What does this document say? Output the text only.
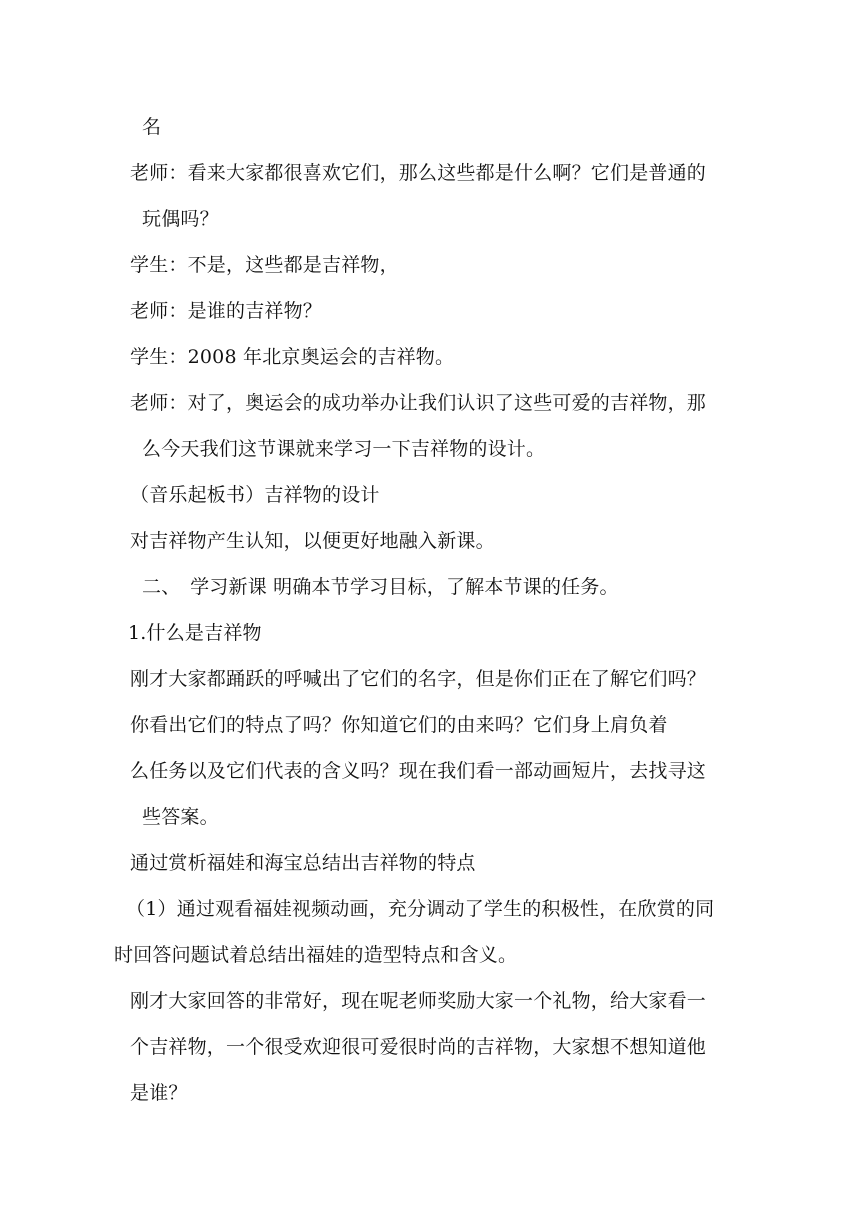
名
老师：看来大家都很喜欢它们，那么这些都是什么啊？它们是普通的
玩偶吗？
学生：不是，这些都是吉祥物，
老师：是谁的吉祥物？
学生：2008 年北京奥运会的吉祥物。
老师：对了，奥运会的成功举办让我们认识了这些可爱的吉祥物，那
么今天我们这节课就来学习一下吉祥物的设计。
（音乐起板书）吉祥物的设计
对吉祥物产生认知，以便更好地融入新课。
二、　学习新课 明确本节学习目标，了解本节课的任务。
1.什么是吉祥物
刚才大家都踊跃的呼喊出了它们的名字，但是你们正在了解它们吗？
你看出它们的特点了吗？你知道它们的由来吗？它们身上肩负着
么任务以及它们代表的含义吗？现在我们看一部动画短片，去找寻这
些答案。
通过赏析福娃和海宝总结出吉祥物的特点
（1）通过观看福娃视频动画，充分调动了学生的积极性，在欣赏的同
时回答问题试着总结出福娃的造型特点和含义。
刚才大家回答的非常好，现在呢老师奖励大家一个礼物，给大家看一
个吉祥物，一个很受欢迎很可爱很时尚的吉祥物，大家想不想知道他
是谁？
